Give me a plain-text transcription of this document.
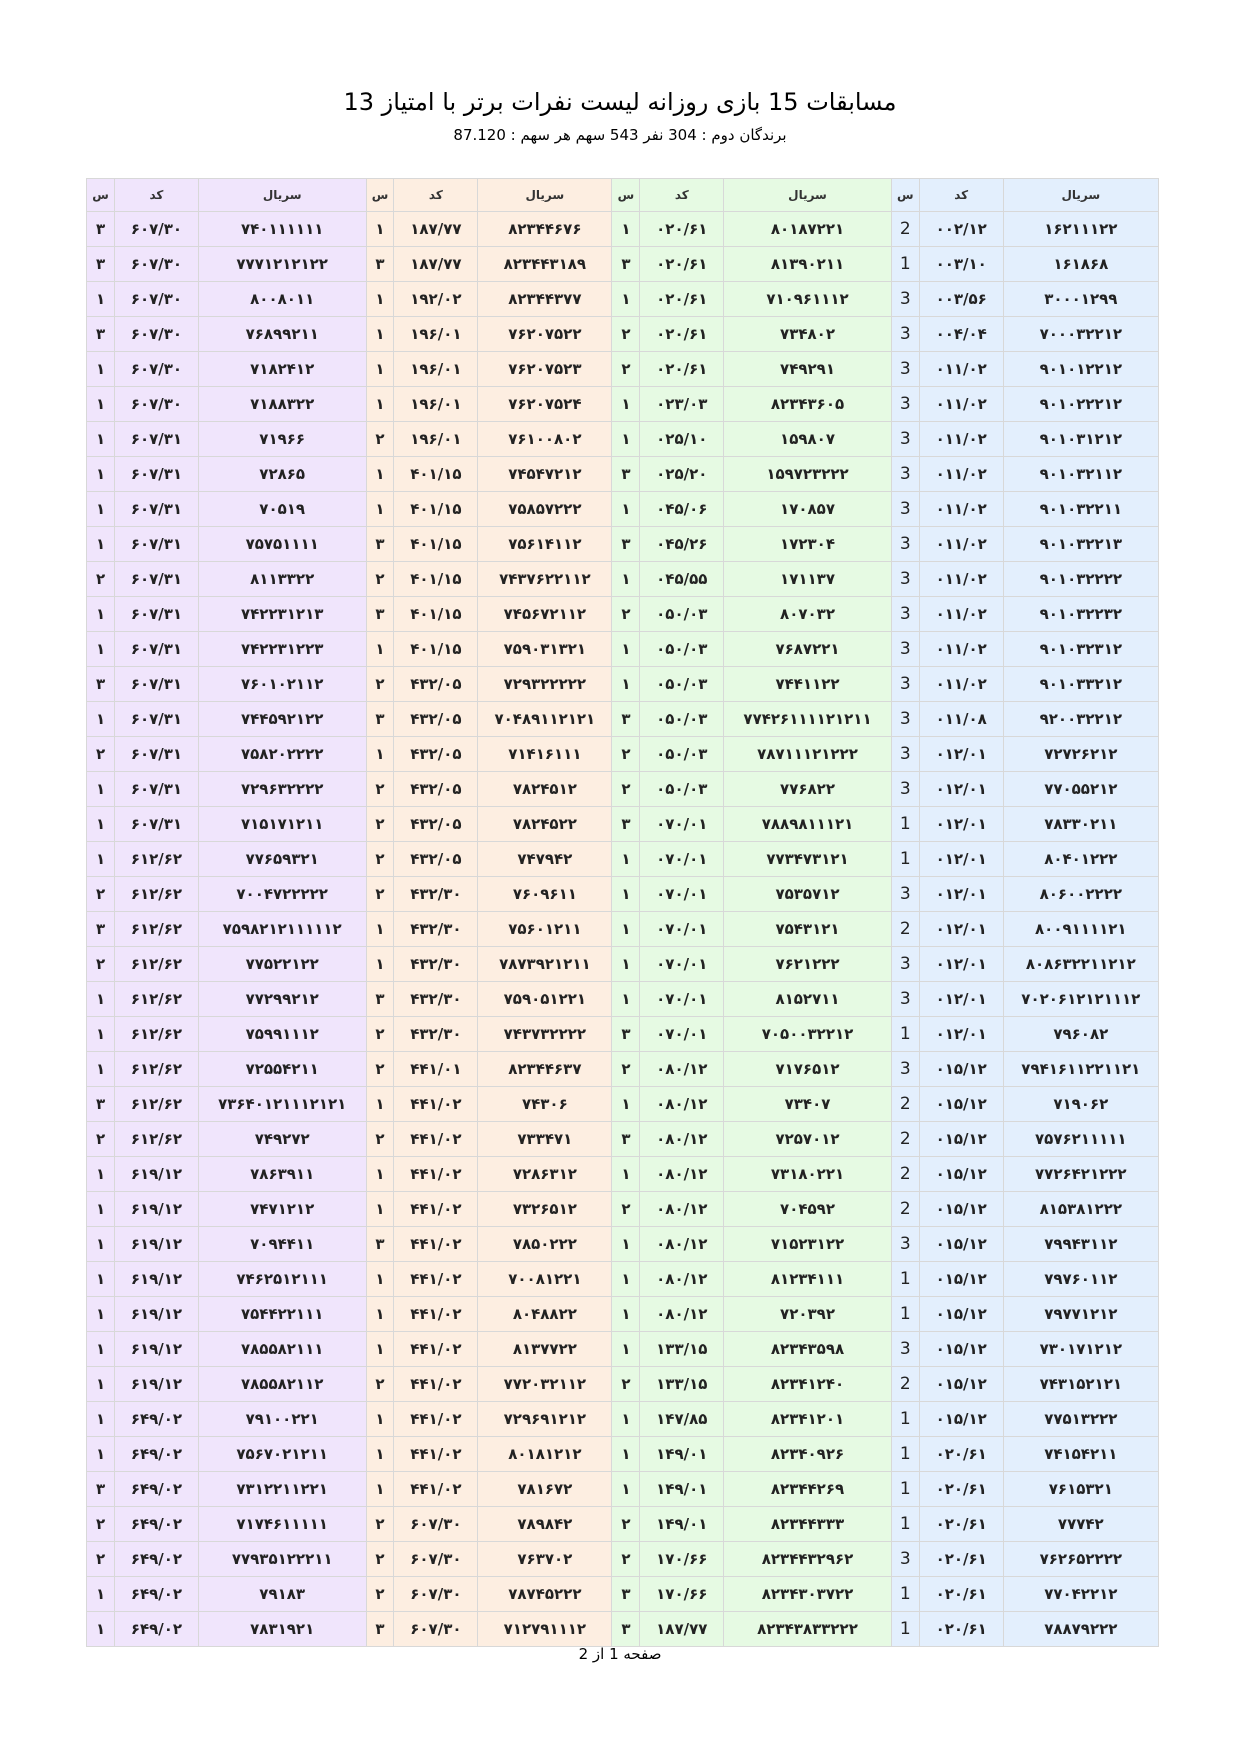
مسابقات 15 بازی روزانه لیست نفرات برتر با امتیاز 13
برندگان دوم : 304 نفر 543 سهم هر سهم : 87.120
سریال	کد	س	سریال	کد	س	سریال	کد	س	سریال	کد	س
۱۶۲۱۱۱۲۲	۰۰۲/۱۲	2	۸۰۱۸۷۲۲۱	۰۲۰/۶۱	۱	۸۲۳۴۴۶۷۶	۱۸۷/۷۷	۱	۷۴۰۱۱۱۱۱۱	۶۰۷/۳۰	۳
۱۶۱۸۶۸	۰۰۳/۱۰	1	۸۱۳۹۰۲۱۱	۰۲۰/۶۱	۳	۸۲۳۴۴۳۱۸۹	۱۸۷/۷۷	۳	۷۷۷۱۲۱۲۱۲۲	۶۰۷/۳۰	۳
۳۰۰۰۱۲۹۹	۰۰۳/۵۶	3	۷۱۰۹۶۱۱۱۲	۰۲۰/۶۱	۱	۸۲۳۴۴۳۷۷	۱۹۲/۰۲	۱	۸۰۰۸۰۱۱	۶۰۷/۳۰	۱
۷۰۰۰۳۲۲۱۲	۰۰۴/۰۴	3	۷۳۴۸۰۲	۰۲۰/۶۱	۲	۷۶۲۰۷۵۲۲	۱۹۶/۰۱	۱	۷۶۸۹۹۲۱۱	۶۰۷/۳۰	۳
۹۰۱۰۱۲۲۱۲	۰۱۱/۰۲	3	۷۴۹۲۹۱	۰۲۰/۶۱	۲	۷۶۲۰۷۵۲۳	۱۹۶/۰۱	۱	۷۱۸۲۴۱۲	۶۰۷/۳۰	۱
۹۰۱۰۲۲۲۱۲	۰۱۱/۰۲	3	۸۲۳۴۳۶۰۵	۰۲۳/۰۳	۱	۷۶۲۰۷۵۲۴	۱۹۶/۰۱	۱	۷۱۸۸۳۲۲	۶۰۷/۳۰	۱
۹۰۱۰۳۱۲۱۲	۰۱۱/۰۲	3	۱۵۹۸۰۷	۰۲۵/۱۰	۱	۷۶۱۰۰۸۰۲	۱۹۶/۰۱	۲	۷۱۹۶۶	۶۰۷/۳۱	۱
۹۰۱۰۳۲۱۱۲	۰۱۱/۰۲	3	۱۵۹۷۲۳۲۲۲	۰۲۵/۲۰	۳	۷۴۵۴۷۲۱۲	۴۰۱/۱۵	۱	۷۲۸۶۵	۶۰۷/۳۱	۱
۹۰۱۰۳۲۲۱۱	۰۱۱/۰۲	3	۱۷۰۸۵۷	۰۴۵/۰۶	۱	۷۵۸۵۷۲۲۲	۴۰۱/۱۵	۱	۷۰۵۱۹	۶۰۷/۳۱	۱
۹۰۱۰۳۲۲۱۳	۰۱۱/۰۲	3	۱۷۲۳۰۴	۰۴۵/۲۶	۳	۷۵۶۱۴۱۱۲	۴۰۱/۱۵	۳	۷۵۷۵۱۱۱۱	۶۰۷/۳۱	۱
۹۰۱۰۳۲۲۲۲	۰۱۱/۰۲	3	۱۷۱۱۳۷	۰۴۵/۵۵	۱	۷۴۳۷۶۲۲۱۱۲	۴۰۱/۱۵	۲	۸۱۱۳۳۲۲	۶۰۷/۳۱	۲
۹۰۱۰۳۲۲۳۲	۰۱۱/۰۲	3	۸۰۷۰۳۲	۰۵۰/۰۳	۲	۷۴۵۶۷۲۱۱۲	۴۰۱/۱۵	۳	۷۴۲۲۳۱۲۱۳	۶۰۷/۳۱	۱
۹۰۱۰۳۲۳۱۲	۰۱۱/۰۲	3	۷۶۸۷۲۲۱	۰۵۰/۰۳	۱	۷۵۹۰۳۱۳۲۱	۴۰۱/۱۵	۱	۷۴۲۲۳۱۲۲۳	۶۰۷/۳۱	۱
۹۰۱۰۳۳۲۱۲	۰۱۱/۰۲	3	۷۴۴۱۱۲۲	۰۵۰/۰۳	۱	۷۲۹۳۲۲۲۲۲	۴۳۲/۰۵	۲	۷۶۰۱۰۲۱۱۲	۶۰۷/۳۱	۳
۹۲۰۰۳۲۲۱۲	۰۱۱/۰۸	3	۷۷۴۲۶۱۱۱۱۲۱۲۱۱	۰۵۰/۰۳	۳	۷۰۴۸۹۱۱۲۱۲۱	۴۳۲/۰۵	۳	۷۴۴۵۹۲۱۲۲	۶۰۷/۳۱	۱
۷۲۷۲۶۲۱۲	۰۱۲/۰۱	3	۷۸۷۱۱۱۲۱۲۲۲	۰۵۰/۰۳	۲	۷۱۴۱۶۱۱۱	۴۳۲/۰۵	۱	۷۵۸۲۰۲۲۲۲	۶۰۷/۳۱	۲
۷۷۰۵۵۲۱۲	۰۱۲/۰۱	3	۷۷۶۸۲۲	۰۵۰/۰۳	۲	۷۸۲۴۵۱۲	۴۳۲/۰۵	۲	۷۲۹۶۳۲۲۲۲	۶۰۷/۳۱	۱
۷۸۳۳۰۲۱۱	۰۱۲/۰۱	1	۷۸۸۹۸۱۱۱۲۱	۰۷۰/۰۱	۳	۷۸۲۴۵۲۲	۴۳۲/۰۵	۲	۷۱۵۱۷۱۲۱۱	۶۰۷/۳۱	۱
۸۰۴۰۱۲۲۲	۰۱۲/۰۱	1	۷۷۳۴۷۳۱۲۱	۰۷۰/۰۱	۱	۷۴۷۹۴۲	۴۳۲/۰۵	۲	۷۷۶۵۹۳۲۱	۶۱۲/۶۲	۱
۸۰۶۰۰۲۲۲۲	۰۱۲/۰۱	3	۷۵۳۵۷۱۲	۰۷۰/۰۱	۱	۷۶۰۹۶۱۱	۴۳۲/۳۰	۲	۷۰۰۴۷۲۲۲۲۲	۶۱۲/۶۲	۲
۸۰۰۹۱۱۱۱۲۱	۰۱۲/۰۱	2	۷۵۴۳۱۲۱	۰۷۰/۰۱	۱	۷۵۶۰۱۲۱۱	۴۳۲/۳۰	۱	۷۵۹۸۲۱۲۱۱۱۱۱۲	۶۱۲/۶۲	۳
۸۰۸۶۳۲۲۱۱۲۱۲	۰۱۲/۰۱	3	۷۶۲۱۲۲۲	۰۷۰/۰۱	۱	۷۸۷۳۹۲۱۲۱۱	۴۳۲/۳۰	۱	۷۷۵۲۲۱۲۲	۶۱۲/۶۲	۲
۷۰۲۰۶۱۲۱۲۱۱۱۲	۰۱۲/۰۱	3	۸۱۵۲۷۱۱	۰۷۰/۰۱	۱	۷۵۹۰۵۱۲۲۱	۴۳۲/۳۰	۳	۷۷۲۹۹۲۱۲	۶۱۲/۶۲	۱
۷۹۶۰۸۲	۰۱۲/۰۱	1	۷۰۵۰۰۳۲۲۱۲	۰۷۰/۰۱	۳	۷۴۳۷۳۲۲۲۲	۴۳۲/۳۰	۲	۷۵۹۹۱۱۱۲	۶۱۲/۶۲	۱
۷۹۴۱۶۱۱۲۲۱۱۲۱	۰۱۵/۱۲	3	۷۱۷۶۵۱۲	۰۸۰/۱۲	۲	۸۲۳۴۴۶۳۷	۴۴۱/۰۱	۲	۷۲۵۵۴۲۱۱	۶۱۲/۶۲	۱
۷۱۹۰۶۲	۰۱۵/۱۲	2	۷۳۴۰۷	۰۸۰/۱۲	۱	۷۴۳۰۶	۴۴۱/۰۲	۱	۷۳۶۴۰۱۲۱۱۱۲۱۲۱	۶۱۲/۶۲	۳
۷۵۷۶۲۱۱۱۱۱	۰۱۵/۱۲	2	۷۲۵۷۰۱۲	۰۸۰/۱۲	۳	۷۳۳۴۷۱	۴۴۱/۰۲	۲	۷۴۹۲۷۲	۶۱۲/۶۲	۲
۷۷۲۶۴۲۱۲۲۲	۰۱۵/۱۲	2	۷۳۱۸۰۲۲۱	۰۸۰/۱۲	۱	۷۲۸۶۳۱۲	۴۴۱/۰۲	۱	۷۸۶۳۹۱۱	۶۱۹/۱۲	۱
۸۱۵۳۸۱۲۲۲	۰۱۵/۱۲	2	۷۰۴۵۹۲	۰۸۰/۱۲	۲	۷۳۲۶۵۱۲	۴۴۱/۰۲	۱	۷۴۷۱۲۱۲	۶۱۹/۱۲	۱
۷۹۹۴۳۱۱۲	۰۱۵/۱۲	3	۷۱۵۲۳۱۲۲	۰۸۰/۱۲	۱	۷۸۵۰۲۲۲	۴۴۱/۰۲	۳	۷۰۹۴۴۱۱	۶۱۹/۱۲	۱
۷۹۷۶۰۱۱۲	۰۱۵/۱۲	1	۸۱۲۳۴۱۱۱	۰۸۰/۱۲	۱	۷۰۰۸۱۲۲۱	۴۴۱/۰۲	۱	۷۴۶۲۵۱۲۱۱۱	۶۱۹/۱۲	۱
۷۹۷۷۱۲۱۲	۰۱۵/۱۲	1	۷۲۰۳۹۲	۰۸۰/۱۲	۱	۸۰۴۸۸۲۲	۴۴۱/۰۲	۱	۷۵۴۴۲۲۱۱۱	۶۱۹/۱۲	۱
۷۳۰۱۷۱۲۱۲	۰۱۵/۱۲	3	۸۲۳۴۳۵۹۸	۱۳۳/۱۵	۱	۸۱۳۷۷۲۲	۴۴۱/۰۲	۱	۷۸۵۵۸۲۱۱۱	۶۱۹/۱۲	۱
۷۴۳۱۵۲۱۲۱	۰۱۵/۱۲	2	۸۲۳۴۱۲۴۰	۱۳۳/۱۵	۲	۷۷۲۰۳۲۱۱۲	۴۴۱/۰۲	۲	۷۸۵۵۸۲۱۱۲	۶۱۹/۱۲	۱
۷۷۵۱۳۲۲۲	۰۱۵/۱۲	1	۸۲۳۴۱۲۰۱	۱۴۷/۸۵	۱	۷۲۹۶۹۱۲۱۲	۴۴۱/۰۲	۱	۷۹۱۰۰۲۲۱	۶۴۹/۰۲	۱
۷۴۱۵۴۲۱۱	۰۲۰/۶۱	1	۸۲۳۴۰۹۲۶	۱۴۹/۰۱	۱	۸۰۱۸۱۲۱۲	۴۴۱/۰۲	۱	۷۵۶۷۰۲۱۲۱۱	۶۴۹/۰۲	۱
۷۶۱۵۳۲۱	۰۲۰/۶۱	1	۸۲۳۴۴۲۶۹	۱۴۹/۰۱	۱	۷۸۱۶۷۲	۴۴۱/۰۲	۱	۷۳۱۲۲۱۱۲۲۱	۶۴۹/۰۲	۳
۷۷۷۴۲	۰۲۰/۶۱	1	۸۲۳۴۴۳۳۳	۱۴۹/۰۱	۲	۷۸۹۸۴۲	۶۰۷/۳۰	۲	۷۱۷۴۶۱۱۱۱۱	۶۴۹/۰۲	۲
۷۶۲۶۵۲۲۲۲	۰۲۰/۶۱	3	۸۲۳۴۴۳۲۹۶۲	۱۷۰/۶۶	۲	۷۶۳۷۰۲	۶۰۷/۳۰	۲	۷۷۹۳۵۱۲۲۲۱۱	۶۴۹/۰۲	۲
۷۷۰۴۲۲۱۲	۰۲۰/۶۱	1	۸۲۳۴۳۰۳۷۲۲	۱۷۰/۶۶	۳	۷۸۷۴۵۲۲۲	۶۰۷/۳۰	۲	۷۹۱۸۳	۶۴۹/۰۲	۱
۷۸۸۷۹۲۲۲	۰۲۰/۶۱	1	۸۲۳۴۳۸۳۳۲۲۲	۱۸۷/۷۷	۳	۷۱۲۷۹۱۱۱۲	۶۰۷/۳۰	۳	۷۸۳۱۹۲۱	۶۴۹/۰۲	۱
صفحه 1 از 2
